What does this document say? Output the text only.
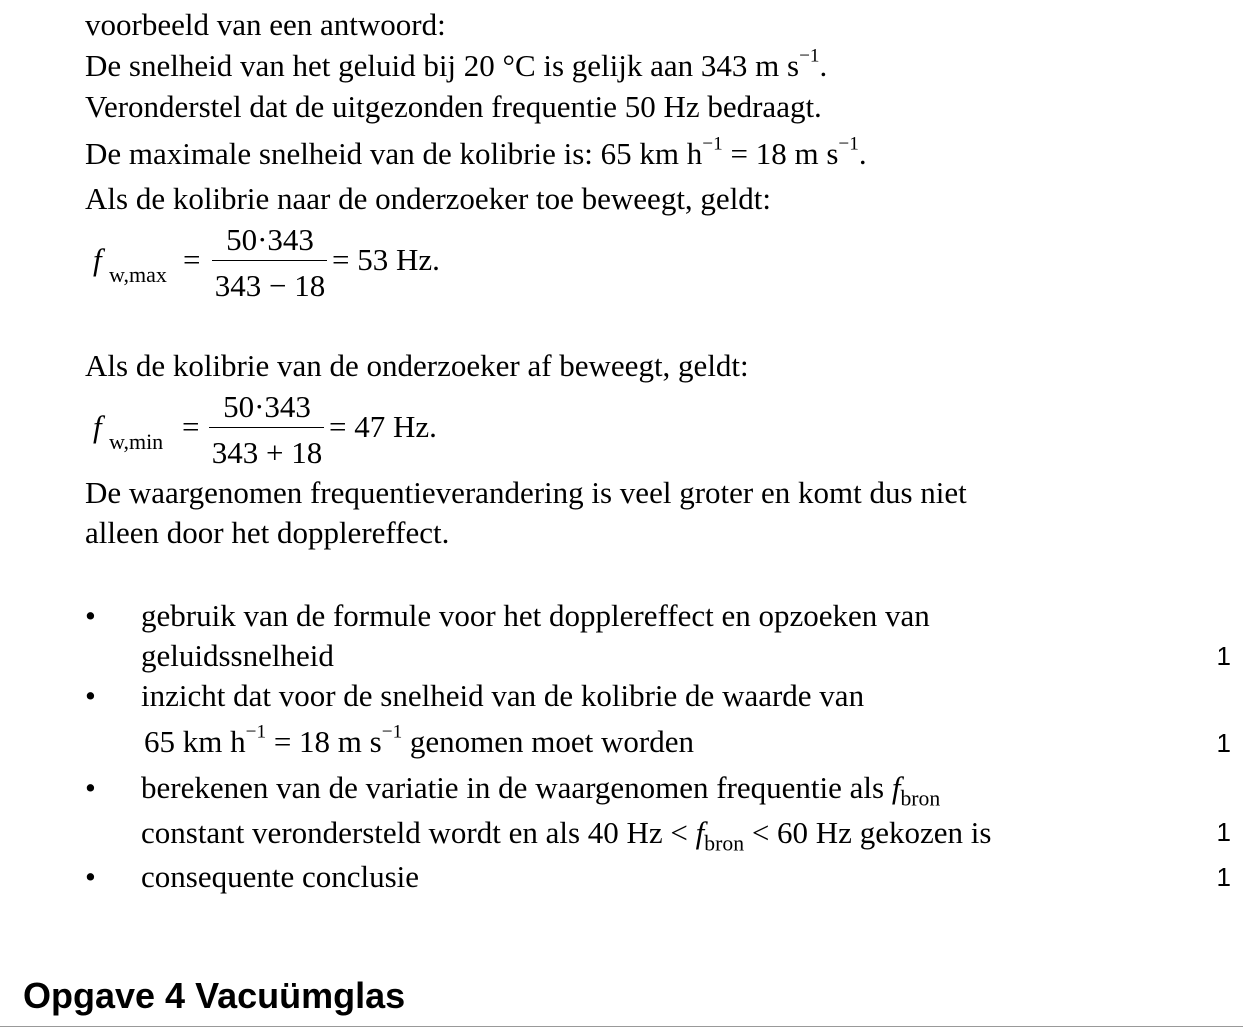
voorbeeld van een antwoord:
De snelheid van het geluid bij 20 °C is gelijk aan 343 m $s^{-1}$.
Veronderstel dat de uitgezonden frequentie 50 Hz bedraagt.
De maximale snelheid van de kolibrie is: 65 km $h^{-1} = 18$ m $s^{-1}$.
Als de kolibrie naar de onderzoeker toe beweegt, geldt:
f w,max =
50·343
343 − 18
= 53 Hz.
Als de kolibrie van de onderzoeker af beweegt, geldt:
f w,min =
50·343
343 + 18
= 47 Hz.
De waargenomen frequentieverandering is veel groter en komt dus niet
alleen door het dopplereffect.
• gebruik van de formule voor het dopplereffect en opzoeken van
geluidssnelheid	1
• inzicht dat voor de snelheid van de kolibrie de waarde van
65 km $h^{-1} = 18$ m $s^{-1}$ genomen moet worden	1
• berekenen van de variatie in de waargenomen frequentie als $f_{bron}$
constant verondersteld wordt en als 40 $Hz < f_{bron} < 60$ Hz gekozen is	1
• consequente conclusie	1
Opgave 4 Vacuümglas
